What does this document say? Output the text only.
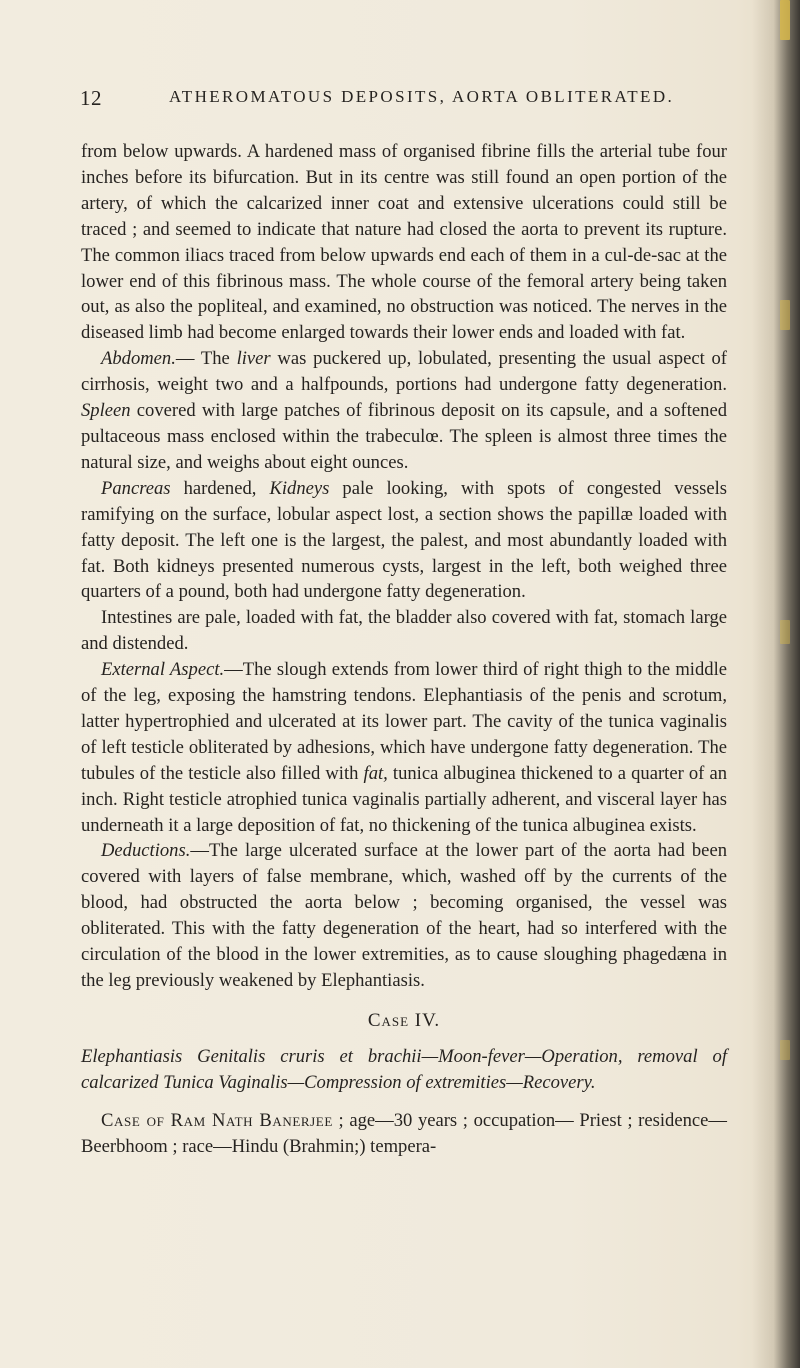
12	ATHEROMATOUS DEPOSITS, AORTA OBLITERATED.

from below upwards. A hardened mass of organised fibrine fills the arterial tube four inches before its bifurcation. But in its centre was still found an open portion of the artery, of which the calcarized inner coat and extensive ulcerations could still be traced ; and seemed to indicate that nature had closed the aorta to prevent its rupture. The common iliacs traced from below upwards end each of them in a cul-de-sac at the lower end of this fibrinous mass. The whole course of the femoral artery being taken out, as also the popliteal, and examined, no obstruction was noticed. The nerves in the diseased limb had become enlarged towards their lower ends and loaded with fat.

Abdomen.— The liver was puckered up, lobulated, presenting the usual aspect of cirrhosis, weight two and a halfpounds, portions had undergone fatty degeneration. Spleen covered with large patches of fibrinous deposit on its capsule, and a softened pultaceous mass enclosed within the trabeculœ. The spleen is almost three times the natural size, and weighs about eight ounces.

Pancreas hardened, Kidneys pale looking, with spots of congested vessels ramifying on the surface, lobular aspect lost, a section shows the papillæ loaded with fatty deposit. The left one is the largest, the palest, and most abundantly loaded with fat. Both kidneys presented numerous cysts, largest in the left, both weighed three quarters of a pound, both had undergone fatty degeneration.

Intestines are pale, loaded with fat, the bladder also covered with fat, stomach large and distended.

External Aspect.—The slough extends from lower third of right thigh to the middle of the leg, exposing the hamstring tendons. Elephantiasis of the penis and scrotum, latter hypertrophied and ulcerated at its lower part. The cavity of the tunica vaginalis of left testicle obliterated by adhesions, which have undergone fatty degeneration. The tubules of the testicle also filled with fat, tunica albuginea thickened to a quarter of an inch. Right testicle atrophied tunica vaginalis partially adherent, and visceral layer has underneath it a large deposition of fat, no thickening of the tunica albuginea exists.

Deductions.—The large ulcerated surface at the lower part of the aorta had been covered with layers of false membrane, which, washed off by the currents of the blood, had obstructed the aorta below ; becoming organised, the vessel was obliterated. This with the fatty degeneration of the heart, had so interfered with the circulation of the blood in the lower extremities, as to cause sloughing phagedæna in the leg previously weakened by Elephantiasis.

Case IV.

Elephantiasis Genitalis cruris et brachii—Moon-fever—Operation, removal of calcarized Tunica Vaginalis—Compression of extremities—Recovery.

Case of Ram Nath Banerjee ; age—30 years ; occupation— Priest ; residence—Beerbhoom ; race—Hindu (Brahmin;) tempera-
